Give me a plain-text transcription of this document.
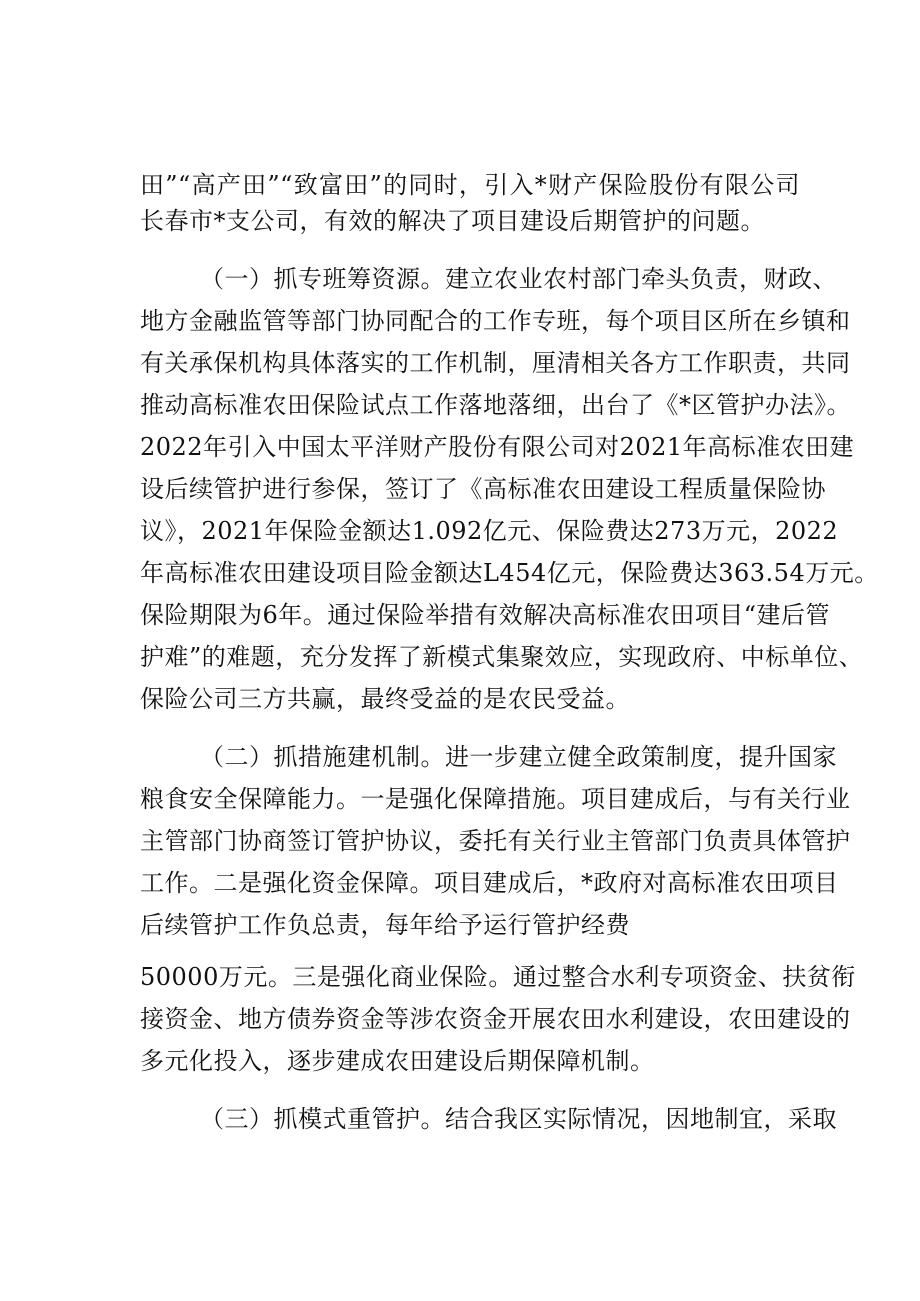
田”“高产田”“致富田”的同时，引入*财产保险股份有限公司
长春市*支公司，有效的解决了项目建设后期管护的问题。
（一）抓专班筹资源。建立农业农村部门牵头负责，财政、
地方金融监管等部门协同配合的工作专班，每个项目区所在乡镇和
有关承保机构具体落实的工作机制，厘清相关各方工作职责，共同
推动高标准农田保险试点工作落地落细，出台了《*区管护办法》。
2022年引入中国太平洋财产股份有限公司对2021年高标准农田建
设后续管护进行参保，签订了《高标准农田建设工程质量保险协
议》，2021年保险金额达1.092亿元、保险费达273万元，2022
年高标准农田建设项目险金额达L454亿元，保险费达363.54万元。
保险期限为6年。通过保险举措有效解决高标准农田项目“建后管
护难”的难题，充分发挥了新模式集聚效应，实现政府、中标单位、
保险公司三方共赢，最终受益的是农民受益。
（二）抓措施建机制。进一步建立健全政策制度，提升国家
粮食安全保障能力。一是强化保障措施。项目建成后，与有关行业
主管部门协商签订管护协议，委托有关行业主管部门负责具体管护
工作。二是强化资金保障。项目建成后，*政府对高标准农田项目
后续管护工作负总责，每年给予运行管护经费
50000万元。三是强化商业保险。通过整合水利专项资金、扶贫衔
接资金、地方债券资金等涉农资金开展农田水利建设，农田建设的
多元化投入，逐步建成农田建设后期保障机制。
（三）抓模式重管护。结合我区实际情况，因地制宜，采取
